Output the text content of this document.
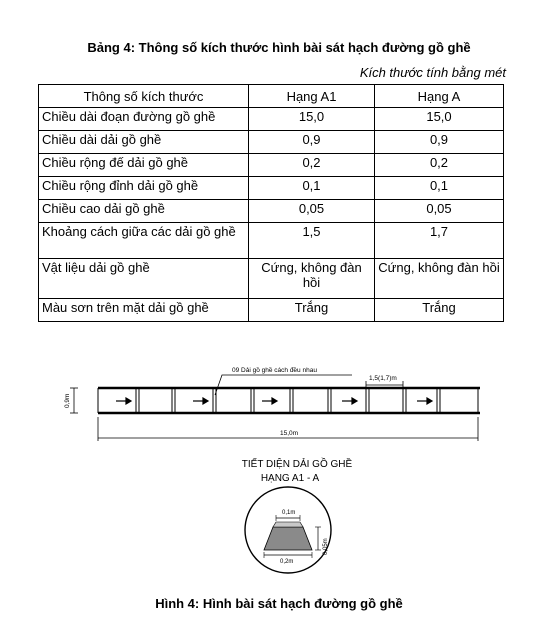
Bảng 4: Thông số kích thước hình bài sát hạch đường gồ ghề
Kích thước tính bằng mét
Thông số kích thước	Hạng A1	Hạng A
Chiều dài đoạn đường gồ ghề	15,0	15,0
Chiều dài dải gồ ghề	0,9	0,9
Chiều rộng đế dải gồ ghề	0,2	0,2
Chiều rộng đỉnh dải gồ ghề	0,1	0,1
Chiều cao dải gồ ghề	0,05	0,05
Khoảng cách giữa các dải gồ ghề	1,5	1,7
Vật liệu dải gồ ghề	Cứng, không đàn hồi	Cứng, không đàn hồi
Màu sơn trên mặt dải gồ ghề	Trắng	Trắng
09 Dải gồ ghề cách đều nhau
1,5(1,7)m
0,9m
15,0m
TIẾT DIỆN DẢI GỒ GHỀ
HẠNG A1 - A
0,1m
0,2m
0,05m
Hình 4: Hình bài sát hạch đường gồ ghề
